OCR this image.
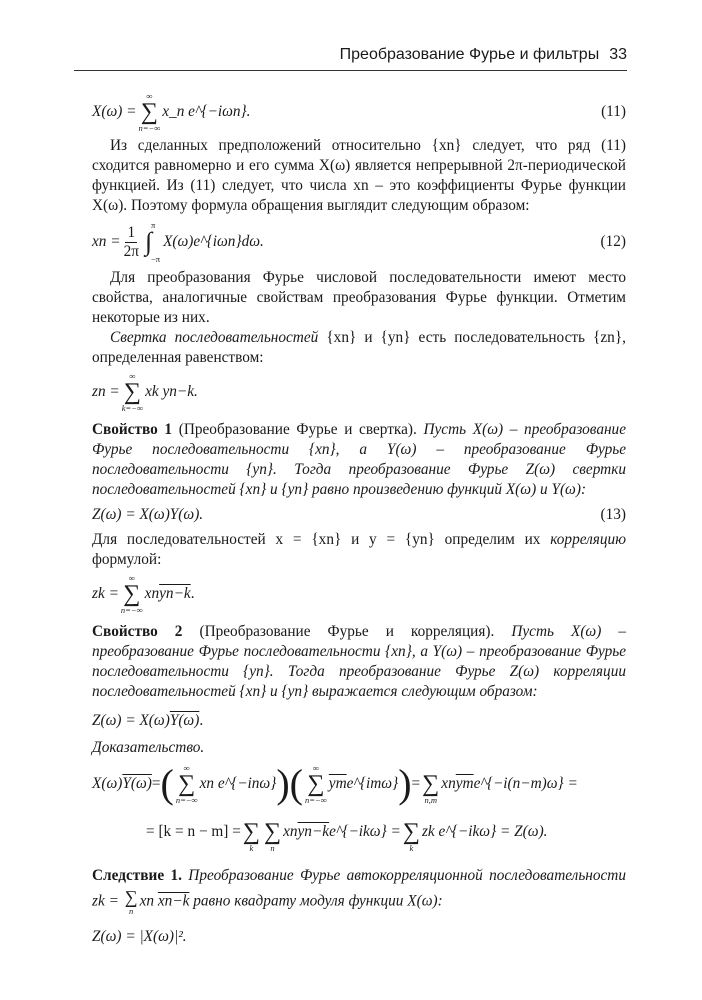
Преобразование Фурье и фильтры 33
X(ω) =
∞
∑
n=−∞
x_n e^{−iωn}.	(11)

Из сделанных предположений относительно {xn} следует, что ряд (11) сходится равномерно и его сумма X(ω) является непрерывной 2π-периодической функцией. Из (11) следует, что числа xn – это коэффициенты Фурье функции X(ω). Поэтому формула обращения выглядит следующим образом:

xn = $\frac{1}{2\pi}$ π
∫
−π
X(ω)e^{iωn}dω.	(12)

Для преобразования Фурье числовой последовательности имеют место свойства, аналогичные свойствам преобразования Фурье функции. Отметим некоторые из них.

Свертка последовательностей {xn} и {yn} есть последовательность {zn}, определенная равенством:

zn =
∞
∑
k=−∞
xk yn−k.

Свойство 1 (Преобразование Фурье и свертка). Пусть X(ω) – преобразование Фурье последовательности {xn}, а Y(ω) – преобразование Фурье последовательности {yn}. Тогда преобразование Фурье Z(ω) свертки последовательностей {xn} и {yn} равно произведению функций X(ω) и Y(ω):

Z(ω) = X(ω)Y(ω).	(13)

Для последовательностей x = {xn} и y = {yn} определим их корреляцию формулой:

zk =
∞
∑
n=−∞
xn yn−k .

Свойство 2 (Преобразование Фурье и корреляция). Пусть X(ω) – преобразование Фурье последовательности {xn}, а Y(ω) – преобразование Фурье последовательности {yn}. Тогда преобразование Фурье Z(ω) корреляции последовательностей {xn} и {yn} выражается следующим образом:

Z(ω) = X(ω) Y(ω) .

Доказательство.

X(ω) Y(ω) = ( ∞
∑
n=−∞
xn e^{−inω} )( ∞
∑
n=−∞
$\overline{ym}$ e^{imω} ) =
∑
n,m
xn $\overline{ym}$ e^{−i(n−m)ω} =
= [k = n − m] =
∑
k

∑
n
xn yn−k e^{−ikω} =
∑
k
zk e^{−ikω} = Z(ω).

Следствие 1. Преобразование Фурье автокорреляционной последовательности zk = ∑
n
xn xn−k равно квадрату модуля функции X(ω):

Z(ω) = |X(ω)|².
